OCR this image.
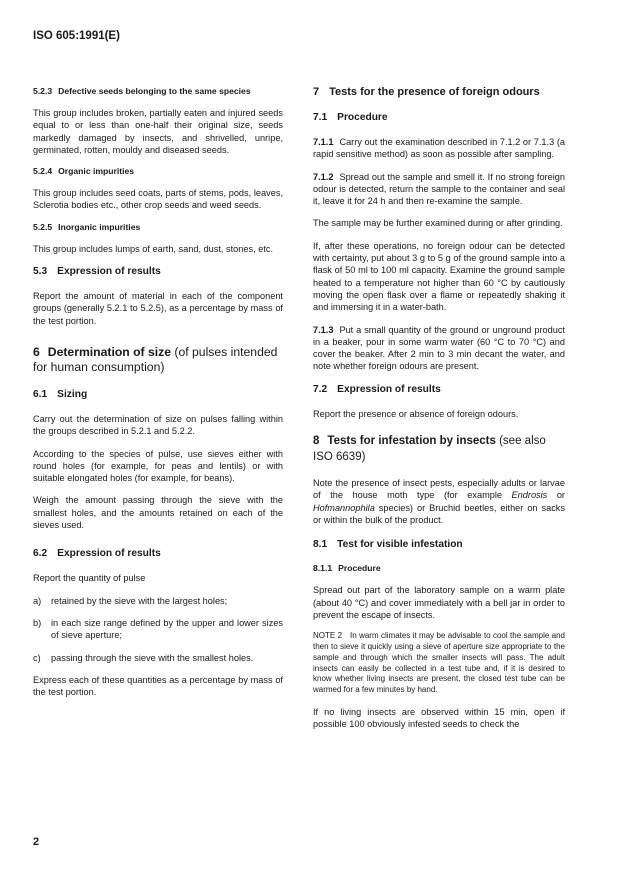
ISO 605:1991(E)
5.2.3 Defective seeds belonging to the same species

This group includes broken, partially eaten and injured seeds equal to or less than one-half their original size, seeds markedly damaged by insects, and shrivelled, unripe, germinated, rotten, mouldy and diseased seeds.

5.2.4 Organic impurities

This group includes seed coats, parts of stems, pods, leaves, Sclerotia bodies etc., other crop seeds and weed seeds.

5.2.5 Inorganic impurities

This group includes lumps of earth, sand, dust, stones, etc.

5.3 Expression of results

Report the amount of material in each of the component groups (generally 5.2.1 to 5.2.5), as a percentage by mass of the test portion.

6 Determination of size (of pulses intended for human consumption)
6.1 Sizing

Carry out the determination of size on pulses falling within the groups described in 5.2.1 and 5.2.2.

According to the species of pulse, use sieves either with round holes (for example, for peas and lentils) or with suitable elongated holes (for example, for beans).

Weigh the amount passing through the sieve with the smallest holes, and the amounts retained on each of the sieves used.

6.2 Expression of results

Report the quantity of pulse

a)	retained by the sieve with the largest holes;
b)	in each size range defined by the upper and lower sizes of sieve aperture;
c)	passing through the sieve with the smallest holes.

Express each of these quantities as a percentage by mass of the test portion.

7 Tests for the presence of foreign odours
7.1 Procedure

7.1.1 Carry out the examination described in 7.1.2 or 7.1.3 (a rapid sensitive method) as soon as possible after sampling.

7.1.2 Spread out the sample and smell it. If no strong foreign odour is detected, return the sample to the container and seal it, leave it for 24 h and then re-examine the sample.

The sample may be further examined during or after grinding.

If, after these operations, no foreign odour can be detected with certainty, put about 3 g to 5 g of the ground sample into a flask of 50 ml to 100 ml capacity. Examine the ground sample heated to a temperature not higher than 60 °C by cautiously moving the open flask over a flame or repeatedly shaking it and immersing it in a water-bath.

7.1.3 Put a small quantity of the ground or unground product in a beaker, pour in some warm water (60 °C to 70 °C) and cover the beaker. After 2 min to 3 min decant the water, and note whether foreign odours are present.

7.2 Expression of results

Report the presence or absence of foreign odours.

8 Tests for infestation by insects (see also ISO 6639)

Note the presence of insect pests, especially adults or larvae of the house moth type (for example Endrosis or Hofmannophila species) or Bruchid beetles, either on sacks or within the bulk of the product.

8.1 Test for visible infestation
8.1.1 Procedure

Spread out part of the laboratory sample on a warm plate (about 40 °C) and cover immediately with a bell jar in order to prevent the escape of insects.

NOTE 2 In warm climates it may be advisable to cool the sample and then to sieve it quickly using a sieve of aperture size appropriate to the sample and through which the smaller insects will pass. The adult insects can easily be collected in a test tube and, if it is desired to know whether living insects are present, the closed test tube can be warmed for a few minutes by hand.

If no living insects are observed within 15 min, open if possible 100 obviously infested seeds to check the

2
